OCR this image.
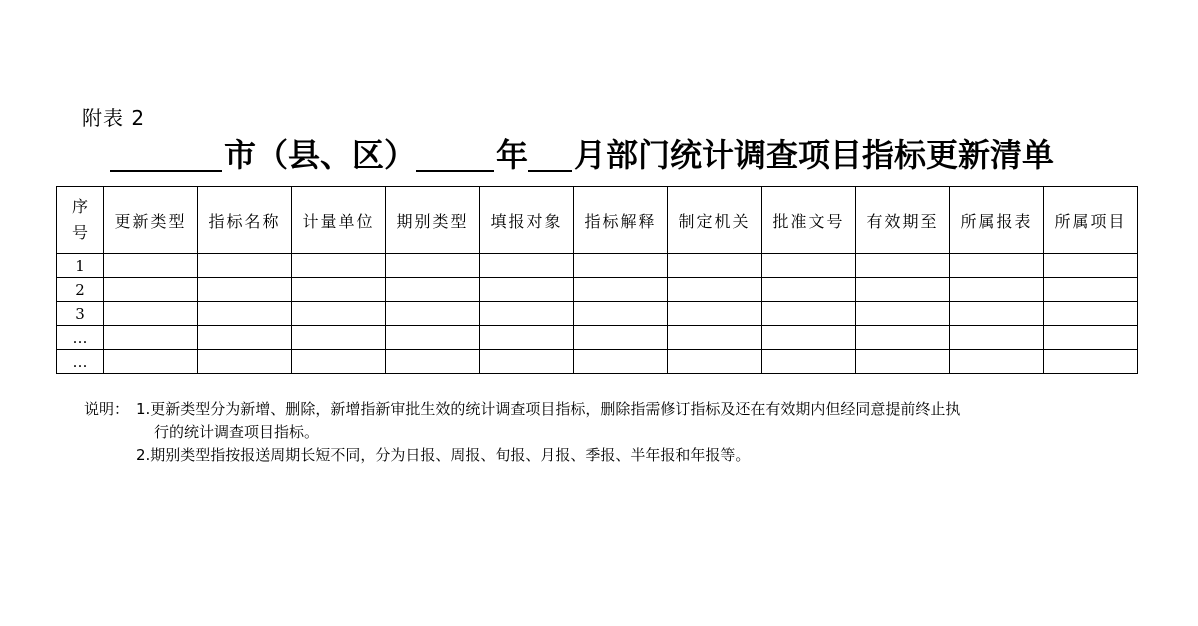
附表 2
市（县、区）	年 月部门统计调查项目指标更新清单
序
号	更新类型	指标名称	计量单位	期别类型	填报对象	指标解释	制定机关	批准文号	有效期至	所属报表	所属项目
1											
2											
3											
…											
…											
说明： 1.更新类型分为新增、删除，新增指新审批生效的统计调查项目指标，删除指需修订指标及还在有效期内但经同意提前终止执
行的统计调查项目指标。
2.期别类型指按报送周期长短不同，分为日报、周报、旬报、月报、季报、半年报和年报等。
